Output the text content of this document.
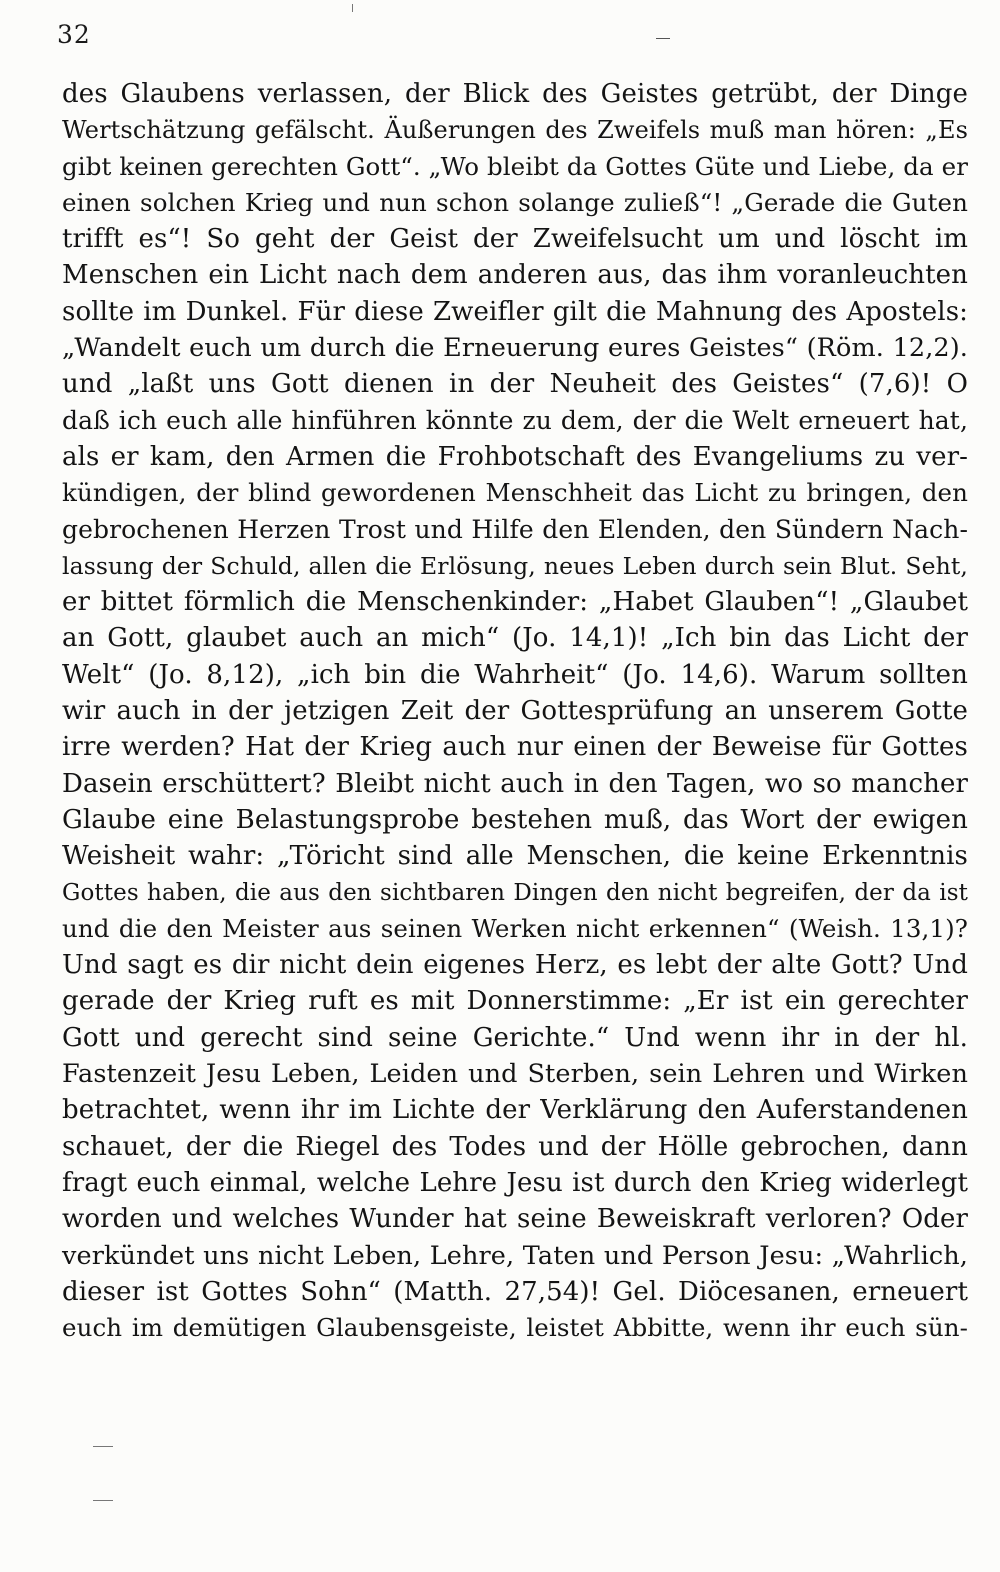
32
des Glaubens verlassen, der Blick des Geistes getrübt, der Dinge
Wertschätzung gefälscht. Äußerungen des Zweifels muß man hören: „Es
gibt keinen gerechten Gott“. „Wo bleibt da Gottes Güte und Liebe, da er
einen solchen Krieg und nun schon solange zuließ“! „Gerade die Guten
trifft es“! So geht der Geist der Zweifelsucht um und löscht im
Menschen ein Licht nach dem anderen aus, das ihm voranleuchten
sollte im Dunkel. Für diese Zweifler gilt die Mahnung des Apostels:
„Wandelt euch um durch die Erneuerung eures Geistes“ (Röm. 12,2).
und „laßt uns Gott dienen in der Neuheit des Geistes“ (7,6)! O
daß ich euch alle hinführen könnte zu dem, der die Welt erneuert hat,
als er kam, den Armen die Frohbotschaft des Evangeliums zu ver-
kündigen, der blind gewordenen Menschheit das Licht zu bringen, den
gebrochenen Herzen Trost und Hilfe den Elenden, den Sündern Nach-
lassung der Schuld, allen die Erlösung, neues Leben durch sein Blut. Seht,
er bittet förmlich die Menschenkinder: „Habet Glauben“! „Glaubet
an Gott, glaubet auch an mich“ (Jo. 14,1)! „Ich bin das Licht der
Welt“ (Jo. 8,12), „ich bin die Wahrheit“ (Jo. 14,6). Warum sollten
wir auch in der jetzigen Zeit der Gottesprüfung an unserem Gotte
irre werden? Hat der Krieg auch nur einen der Beweise für Gottes
Dasein erschüttert? Bleibt nicht auch in den Tagen, wo so mancher
Glaube eine Belastungsprobe bestehen muß, das Wort der ewigen
Weisheit wahr: „Töricht sind alle Menschen, die keine Erkenntnis
Gottes haben, die aus den sichtbaren Dingen den nicht begreifen, der da ist
und die den Meister aus seinen Werken nicht erkennen“ (Weish. 13,1)?
Und sagt es dir nicht dein eigenes Herz, es lebt der alte Gott? Und
gerade der Krieg ruft es mit Donnerstimme: „Er ist ein gerechter
Gott und gerecht sind seine Gerichte.“ Und wenn ihr in der hl.
Fastenzeit Jesu Leben, Leiden und Sterben, sein Lehren und Wirken
betrachtet, wenn ihr im Lichte der Verklärung den Auferstandenen
schauet, der die Riegel des Todes und der Hölle gebrochen, dann
fragt euch einmal, welche Lehre Jesu ist durch den Krieg widerlegt
worden und welches Wunder hat seine Beweiskraft verloren? Oder
verkündet uns nicht Leben, Lehre, Taten und Person Jesu: „Wahrlich,
dieser ist Gottes Sohn“ (Matth. 27,54)! Gel. Diöcesanen, erneuert
euch im demütigen Glaubensgeiste, leistet Abbitte, wenn ihr euch sün-
